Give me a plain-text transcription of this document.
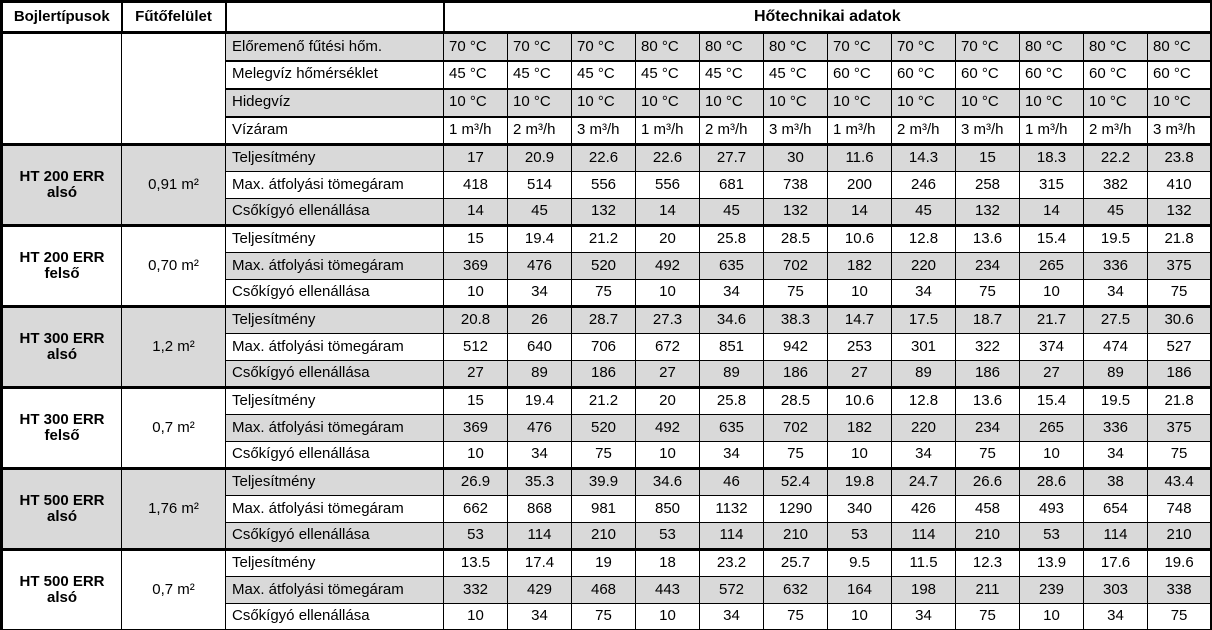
Bojlertípusok	Fűtőfelület		Hőtechnikai adatok											
		Előremenő fűtési hőm.	70 °C	70 °C	70 °C	80 °C	80 °C	80 °C	70 °C	70 °C	70 °C	80 °C	80 °C	80 °C
		Melegvíz hőmérséklet	45 °C	45 °C	45 °C	45 °C	45 °C	45 °C	60 °C	60 °C	60 °C	60 °C	60 °C	60 °C
		Hidegvíz	10 °C	10 °C	10 °C	10 °C	10 °C	10 °C	10 °C	10 °C	10 °C	10 °C	10 °C	10 °C
		Vízáram	1 m³/h	2 m³/h	3 m³/h	1 m³/h	2 m³/h	3 m³/h	1 m³/h	2 m³/h	3 m³/h	1 m³/h	2 m³/h	3 m³/h

HT 200 ERR
alsó	0,91 m²	Teljesítmény	17	20.9	22.6	22.6	27.7	30	11.6	14.3	15	18.3	22.2	23.8
		Max. átfolyási tömegáram	418	514	556	556	681	738	200	246	258	315	382	410
		Csőkígyó ellenállása	14	45	132	14	45	132	14	45	132	14	45	132

HT 200 ERR
felső	0,70 m²	Teljesítmény	15	19.4	21.2	20	25.8	28.5	10.6	12.8	13.6	15.4	19.5	21.8
		Max. átfolyási tömegáram	369	476	520	492	635	702	182	220	234	265	336	375
		Csőkígyó ellenállása	10	34	75	10	34	75	10	34	75	10	34	75

HT 300 ERR
alsó	1,2 m²	Teljesítmény	20.8	26	28.7	27.3	34.6	38.3	14.7	17.5	18.7	21.7	27.5	30.6
		Max. átfolyási tömegáram	512	640	706	672	851	942	253	301	322	374	474	527
		Csőkígyó ellenállása	27	89	186	27	89	186	27	89	186	27	89	186

HT 300 ERR
felső	0,7 m²	Teljesítmény	15	19.4	21.2	20	25.8	28.5	10.6	12.8	13.6	15.4	19.5	21.8
		Max. átfolyási tömegáram	369	476	520	492	635	702	182	220	234	265	336	375
		Csőkígyó ellenállása	10	34	75	10	34	75	10	34	75	10	34	75

HT 500 ERR
alsó	1,76 m²	Teljesítmény	26.9	35.3	39.9	34.6	46	52.4	19.8	24.7	26.6	28.6	38	43.4
		Max. átfolyási tömegáram	662	868	981	850	1132	1290	340	426	458	493	654	748
		Csőkígyó ellenállása	53	114	210	53	114	210	53	114	210	53	114	210

HT 500 ERR
alsó	0,7 m²	Teljesítmény	13.5	17.4	19	18	23.2	25.7	9.5	11.5	12.3	13.9	17.6	19.6
		Max. átfolyási tömegáram	332	429	468	443	572	632	164	198	211	239	303	338
		Csőkígyó ellenállása	10	34	75	10	34	75	10	34	75	10	34	75
